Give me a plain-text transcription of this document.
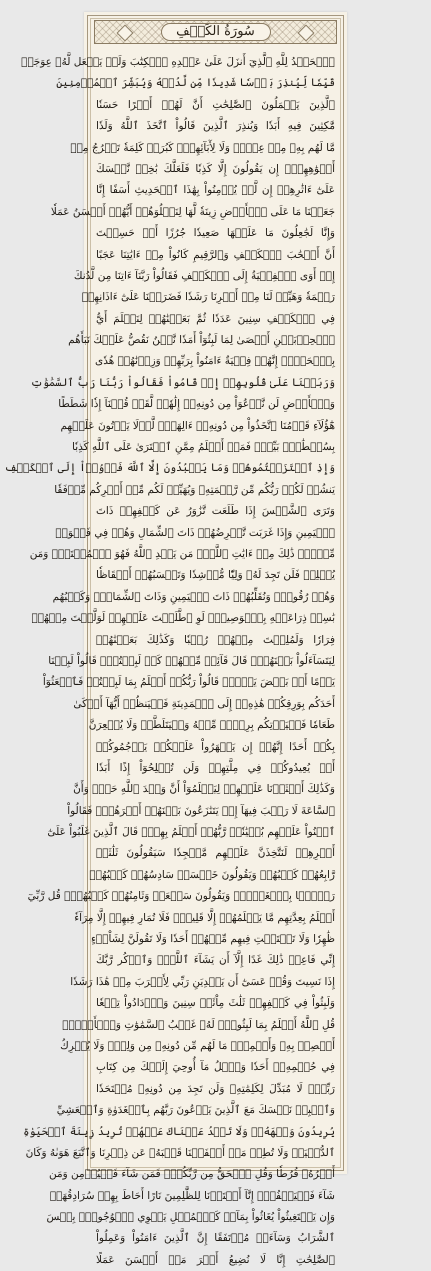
سُورَةُ الكَهۡفِ
ٱلۡحَمۡدُ لِلَّهِ ٱلَّذِيٓ أَنزَلَ عَلَىٰ عَبۡدِهِ ٱلۡكِتَٰبَ وَلَمۡ يَجۡعَل لَّهُۥ عِوَجَاۜ
قَيِّمٗا لِّيُنذِرَ بَأۡسٗا شَدِيدٗا مِّن لَّدُنۡهُ وَيُبَشِّرَ ٱلۡمُؤۡمِنِينَ
ٱلَّذِينَ يَعۡمَلُونَ ٱلصَّٰلِحَٰتِ أَنَّ لَهُمۡ أَجۡرًا حَسَنٗا
مَّٰكِثِينَ فِيهِ أَبَدٗا وَيُنذِرَ ٱلَّذِينَ قَالُواْ ٱتَّخَذَ ٱللَّهُ وَلَدٗا
مَّا لَهُم بِهِۦ مِنۡ عِلۡمٖ وَلَا لِأٓبَآئِهِمۡۚ كَبُرَتۡ كَلِمَةٗ تَخۡرُجُ مِنۡ
أَفۡوَٰهِهِمۡۚ إِن يَقُولُونَ إِلَّا كَذِبٗا فَلَعَلَّكَ بَٰخِعٞ نَّفۡسَكَ
عَلَىٰٓ ءَاثَٰرِهِمۡ إِن لَّمۡ يُؤۡمِنُواْ بِهَٰذَا ٱلۡحَدِيثِ أَسَفًا إِنَّا
جَعَلۡنَا مَا عَلَى ٱلۡأَرۡضِ زِينَةٗ لَّهَا لِنَبۡلُوَهُمۡ أَيُّهُمۡ أَحۡسَنُ عَمَلٗا
وَإِنَّا لَجَٰعِلُونَ مَا عَلَيۡهَا صَعِيدٗا جُرُزًا أَمۡ حَسِبۡتَ
أَنَّ أَصۡحَٰبَ ٱلۡكَهۡفِ وَٱلرَّقِيمِ كَانُواْ مِنۡ ءَايَٰتِنَا عَجَبًا
إِذۡ أَوَى ٱلۡفِتۡيَةُ إِلَى ٱلۡكَهۡفِ فَقَالُواْ رَبَّنَآ ءَاتِنَا مِن لَّدُنكَ
رَحۡمَةٗ وَهَيِّئۡ لَنَا مِنۡ أَمۡرِنَا رَشَدٗا فَضَرَبۡنَا عَلَىٰٓ ءَاذَانِهِمۡ
فِي ٱلۡكَهۡفِ سِنِينَ عَدَدٗا ثُمَّ بَعَثۡنَٰهُمۡ لِنَعۡلَمَ أَيُّ
ٱلۡحِزۡبَيۡنِ أَحۡصَىٰ لِمَا لَبِثُوٓاْ أَمَدٗا نَّحۡنُ نَقُصُّ عَلَيۡكَ نَبَأَهُم
بِٱلۡحَقِّۚ إِنَّهُمۡ فِتۡيَةٌ ءَامَنُواْ بِرَبِّهِمۡ وَزِدۡنَٰهُمۡ هُدٗى
وَرَبَطۡنَا عَلَىٰ قُلُوبِهِمۡ إِذۡ قَامُواْ فَقَالُواْ رَبُّنَا رَبُّ ٱلسَّمَٰوَٰتِ
وَٱلۡأَرۡضِ لَن نَّدۡعُوَاْ مِن دُونِهِۦٓ إِلَٰهٗاۖ لَّقَدۡ قُلۡنَآ إِذٗا شَطَطًا
هَٰٓؤُلَآءِ قَوۡمُنَا ٱتَّخَذُواْ مِن دُونِهِۦٓ ءَالِهَةٗۖ لَّوۡلَا يَأۡتُونَ عَلَيۡهِم
بِسُلۡطَٰنِۭ بَيِّنٖۖ فَمَنۡ أَظۡلَمُ مِمَّنِ ٱفۡتَرَىٰ عَلَى ٱللَّهِ كَذِبٗا
وَإِذِ ٱعۡتَزَلۡتُمُوهُمۡ وَمَا يَعۡبُدُونَ إِلَّا ٱللَّهَ فَأۡوُۥٓاْ إِلَى ٱلۡكَهۡفِ
يَنشُرۡ لَكُمۡ رَبُّكُم مِّن رَّحۡمَتِهِۦ وَيُهَيِّئۡ لَكُم مِّنۡ أَمۡرِكُم مِّرۡفَقٗا
وَتَرَى ٱلشَّمۡسَ إِذَا طَلَعَت تَّزَٰوَرُ عَن كَهۡفِهِمۡ ذَاتَ
ٱلۡيَمِينِ وَإِذَا غَرَبَت تَّقۡرِضُهُمۡ ذَاتَ ٱلشِّمَالِ وَهُمۡ فِي فَجۡوَةٖ
مِّنۡهُۚ ذَٰلِكَ مِنۡ ءَايَٰتِ ٱللَّهِۗ مَن يَهۡدِ ٱللَّهُ فَهُوَ ٱلۡمُهۡتَدِۖ وَمَن
يُضۡلِلۡ فَلَن تَجِدَ لَهُۥ وَلِيّٗا مُّرۡشِدٗا وَتَحۡسَبُهُمۡ أَيۡقَاظٗا
وَهُمۡ رُقُودٞۚ وَنُقَلِّبُهُمۡ ذَاتَ ٱلۡيَمِينِ وَذَاتَ ٱلشِّمَالِۖ وَكَلۡبُهُم
بَٰسِطٞ ذِرَاعَيۡهِ بِٱلۡوَصِيدِۚ لَوِ ٱطَّلَعۡتَ عَلَيۡهِمۡ لَوَلَّيۡتَ مِنۡهُمۡ
فِرَارٗا وَلَمُلِئۡتَ مِنۡهُمۡ رُعۡبٗا وَكَذَٰلِكَ بَعَثۡنَٰهُمۡ
لِيَتَسَآءَلُواْ بَيۡنَهُمۡۚ قَالَ قَآئِلٞ مِّنۡهُمۡ كَمۡ لَبِثۡتُمۡۖ قَالُواْ لَبِثۡنَا
يَوۡمًا أَوۡ بَعۡضَ يَوۡمٖۚ قَالُواْ رَبُّكُمۡ أَعۡلَمُ بِمَا لَبِثۡتُمۡ فَٱبۡعَثُوٓاْ
أَحَدَكُم بِوَرِقِكُمۡ هَٰذِهِۦٓ إِلَى ٱلۡمَدِينَةِ فَلۡيَنظُرۡ أَيُّهَآ أَزۡكَىٰ
طَعَامٗا فَلۡيَأۡتِكُم بِرِزۡقٖ مِّنۡهُ وَلۡيَتَلَطَّفۡ وَلَا يُشۡعِرَنَّ
بِكُمۡ أَحَدًا إِنَّهُمۡ إِن يَظۡهَرُواْ عَلَيۡكُمۡ يَرۡجُمُوكُمۡ
أَوۡ يُعِيدُوكُمۡ فِي مِلَّتِهِمۡ وَلَن تُفۡلِحُوٓاْ إِذًا أَبَدٗا
وَكَذَٰلِكَ أَعۡثَرۡنَا عَلَيۡهِمۡ لِيَعۡلَمُوٓاْ أَنَّ وَعۡدَ ٱللَّهِ حَقّٞ وَأَنَّ
ٱلسَّاعَةَ لَا رَيۡبَ فِيهَآ إِذۡ يَتَنَٰزَعُونَ بَيۡنَهُمۡ أَمۡرَهُمۡۖ فَقَالُواْ
ٱبۡنُواْ عَلَيۡهِم بُنۡيَٰنٗاۖ رَّبُّهُمۡ أَعۡلَمُ بِهِمۡۚ قَالَ ٱلَّذِينَ غَلَبُواْ عَلَىٰٓ
أَمۡرِهِمۡ لَنَتَّخِذَنَّ عَلَيۡهِم مَّسۡجِدٗا سَيَقُولُونَ ثَلَٰثَةٞ
رَّابِعُهُمۡ كَلۡبُهُمۡ وَيَقُولُونَ خَمۡسَةٞ سَادِسُهُمۡ كَلۡبُهُمۡ
رَجۡمَۢا بِٱلۡغَيۡبِۖ وَيَقُولُونَ سَبۡعَةٞ وَثَامِنُهُمۡ كَلۡبُهُمۡۚ قُل رَّبِّيٓ
أَعۡلَمُ بِعِدَّتِهِم مَّا يَعۡلَمُهُمۡ إِلَّا قَلِيلٞۗ فَلَا تُمَارِ فِيهِمۡ إِلَّا مِرَآءٗ
ظَٰهِرٗا وَلَا تَسۡتَفۡتِ فِيهِم مِّنۡهُمۡ أَحَدٗا وَلَا تَقُولَنَّ لِشَاْيۡءٍ
إِنِّي فَاعِلٞ ذَٰلِكَ غَدًا إِلَّآ أَن يَشَآءَ ٱللَّهُۚ وَٱذۡكُر رَّبَّكَ
إِذَا نَسِيتَ وَقُلۡ عَسَىٰٓ أَن يَهۡدِيَنِ رَبِّي لِأَقۡرَبَ مِنۡ هَٰذَا رَشَدٗا
وَلَبِثُواْ فِي كَهۡفِهِمۡ ثَلَٰثَ مِاْئَةٖ سِنِينَ وَٱزۡدَادُواْ تِسۡعٗا
قُلِ ٱللَّهُ أَعۡلَمُ بِمَا لَبِثُواْۖ لَهُۥ غَيۡبُ ٱلسَّمَٰوَٰتِ وَٱلۡأَرۡضِۖ
أَبۡصِرۡ بِهِۦ وَأَسۡمِعۡۚ مَا لَهُم مِّن دُونِهِۦ مِن وَلِيّٖ وَلَا يُشۡرِكُ
فِي حُكۡمِهِۦٓ أَحَدٗا وَٱتۡلُ مَآ أُوحِيَ إِلَيۡكَ مِن كِتَابِ
رَبِّكَۖ لَا مُبَدِّلَ لِكَلِمَٰتِهِۦ وَلَن تَجِدَ مِن دُونِهِۦ مُلۡتَحَدٗا
وَٱصۡبِرۡ نَفۡسَكَ مَعَ ٱلَّذِينَ يَدۡعُونَ رَبَّهُم بِٱلۡغَدَوٰةِ وَٱلۡعَشِيِّ
يُرِيدُونَ وَجۡهَهُۥۖ وَلَا تَعۡدُ عَيۡنَاكَ عَنۡهُمۡ تُرِيدُ زِينَةَ ٱلۡحَيَوٰةِ
ٱلدُّنۡيَاۖ وَلَا تُطِعۡ مَنۡ أَغۡفَلۡنَا قَلۡبَهُۥ عَن ذِكۡرِنَا وَٱتَّبَعَ هَوَىٰهُ وَكَانَ
أَمۡرُهُۥ فُرُطٗا وَقُلِ ٱلۡحَقُّ مِن رَّبِّكُمۡۖ فَمَن شَآءَ فَلۡيُؤۡمِن وَمَن
شَآءَ فَلۡيَكۡفُرۡۚ إِنَّآ أَعۡتَدۡنَا لِلظَّٰلِمِينَ نَارًا أَحَاطَ بِهِمۡ سُرَادِقُهَاۚ
وَإِن يَسۡتَغِيثُواْ يُغَاثُواْ بِمَآءٖ كَٱلۡمُهۡلِ يَشۡوِي ٱلۡوُجُوهَۚ بِئۡسَ
ٱلشَّرَابُ وَسَآءَتۡ مُرۡتَفَقًا إِنَّ ٱلَّذِينَ ءَامَنُواْ وَعَمِلُواْ
ٱلصَّٰلِحَٰتِ إِنَّا لَا نُضِيعُ أَجۡرَ مَنۡ أَحۡسَنَ عَمَلًا
